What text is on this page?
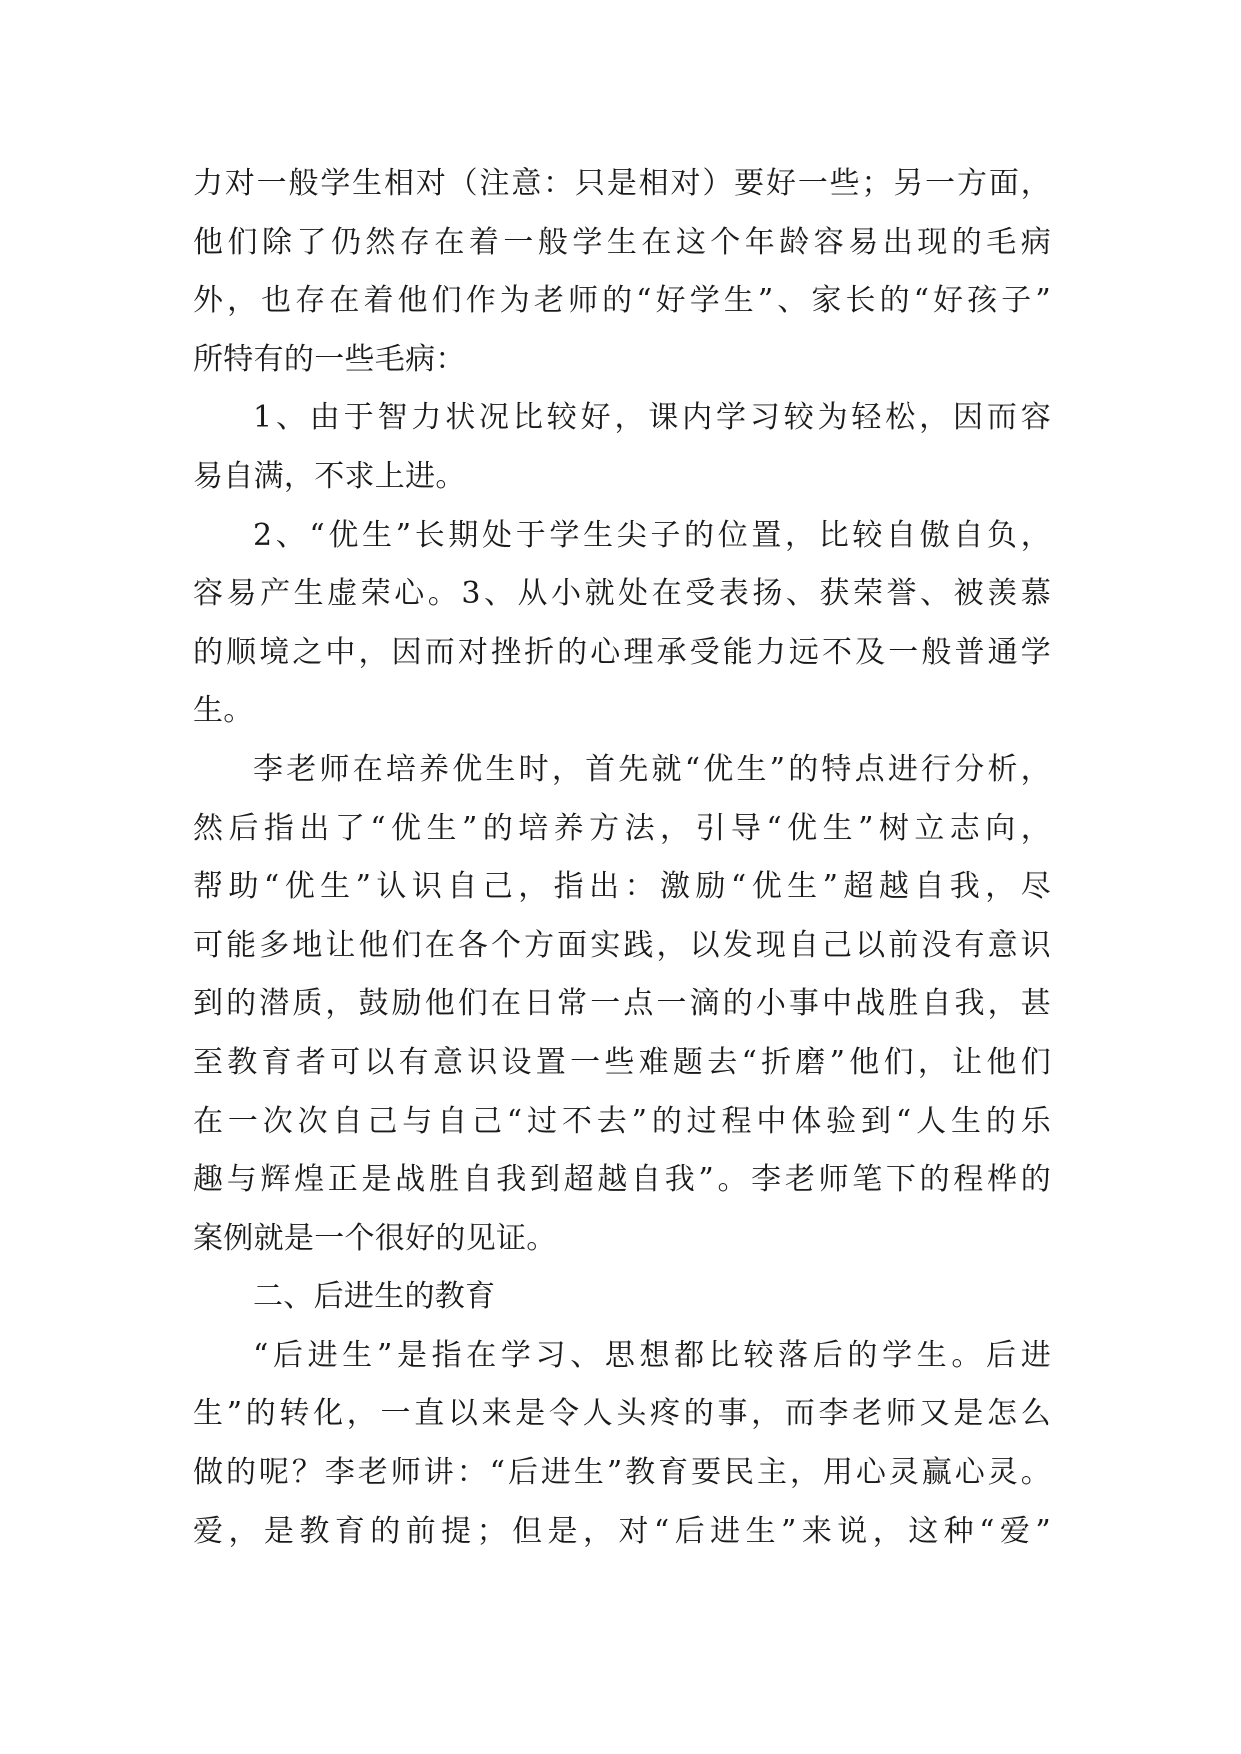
力对一般学生相对（注意：只是相对）要好一些；另一方面，
他们除了仍然存在着一般学生在这个年龄容易出现的毛病
外，也存在着他们作为老师的“好学生”、家长的“好孩子”
所特有的一些毛病：
1、由于智力状况比较好，课内学习较为轻松，因而容
易自满，不求上进。
2、“优生”长期处于学生尖子的位置，比较自傲自负，
容易产生虚荣心。3、从小就处在受表扬、获荣誉、被羡慕
的顺境之中，因而对挫折的心理承受能力远不及一般普通学
生。
李老师在培养优生时，首先就“优生”的特点进行分析，
然后指出了“优生”的培养方法，引导“优生”树立志向，
帮助“优生”认识自己，指出：激励“优生”超越自我，尽
可能多地让他们在各个方面实践，以发现自己以前没有意识
到的潜质，鼓励他们在日常一点一滴的小事中战胜自我，甚
至教育者可以有意识设置一些难题去“折磨”他们，让他们
在一次次自己与自己“过不去”的过程中体验到“人生的乐
趣与辉煌正是战胜自我到超越自我”。李老师笔下的程桦的
案例就是一个很好的见证。
二、后进生的教育
“后进生”是指在学习、思想都比较落后的学生。后进
生”的转化，一直以来是令人头疼的事，而李老师又是怎么
做的呢？李老师讲：“后进生”教育要民主，用心灵赢心灵。
爱，是教育的前提；但是，对“后进生”来说，这种“爱”
